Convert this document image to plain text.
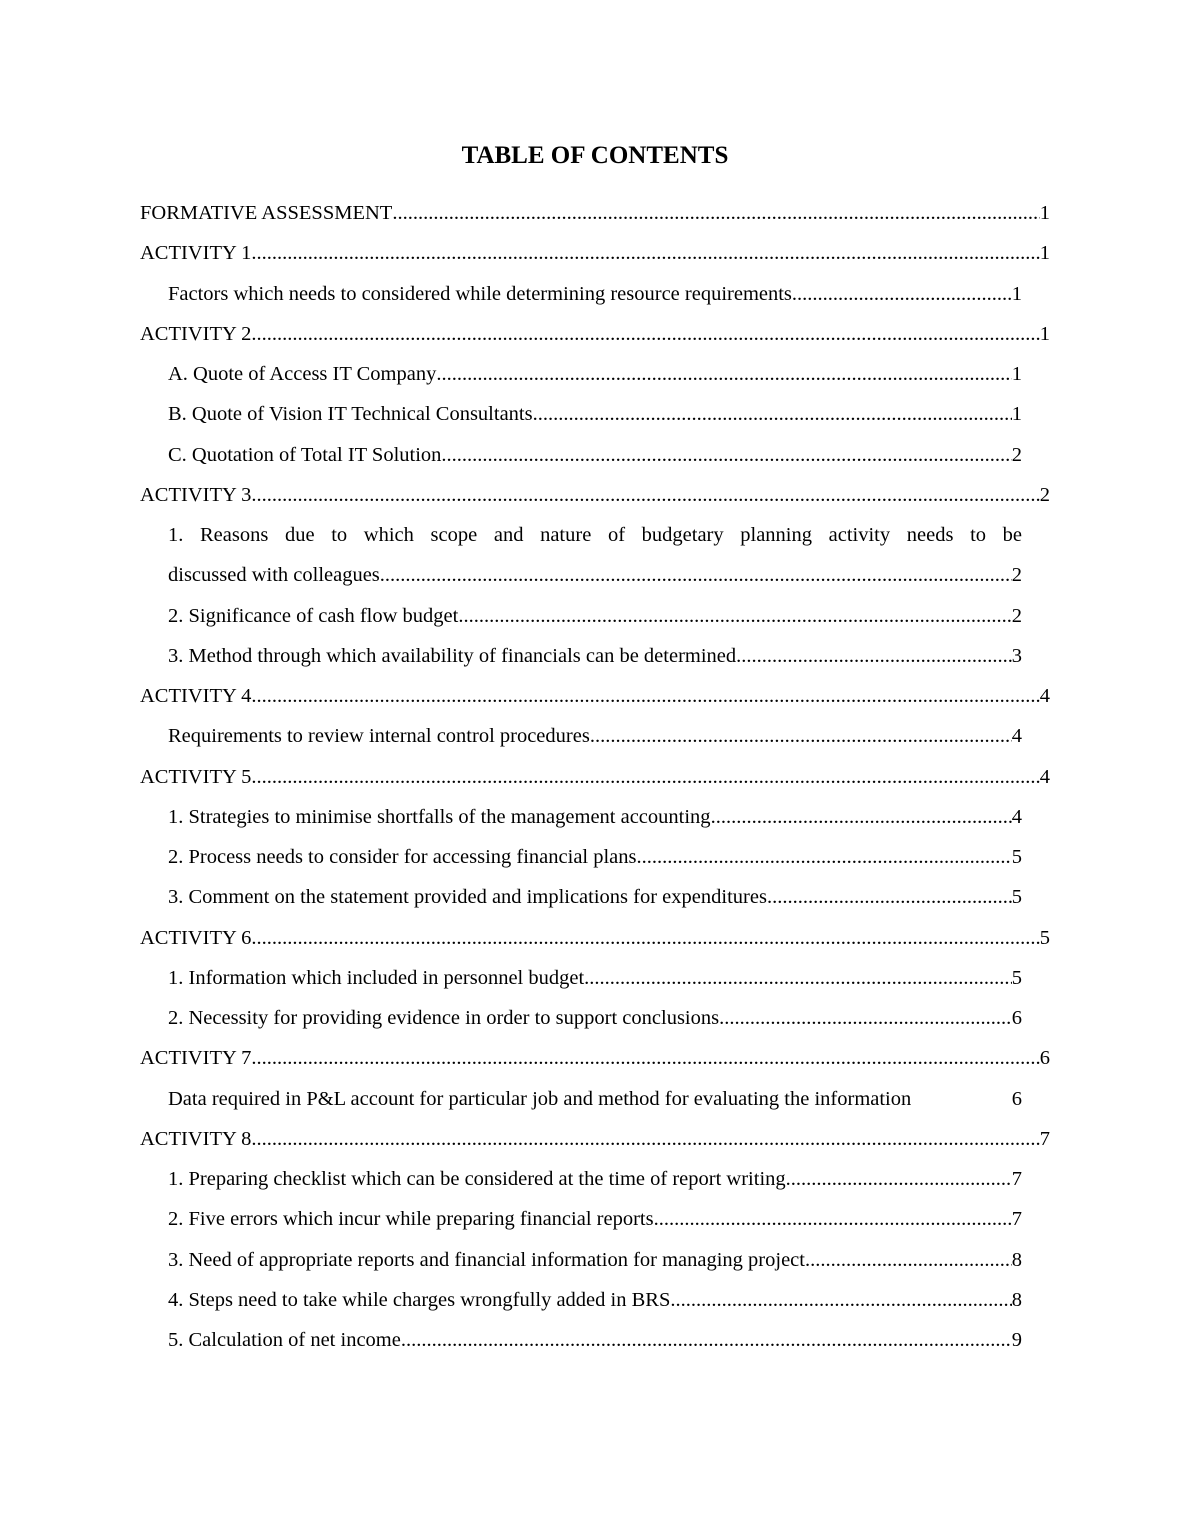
TABLE OF CONTENTS
FORMATIVE ASSESSMENT .....	1
ACTIVITY 1 .....	1
Factors which needs to considered while determining resource requirements .....	1
ACTIVITY 2 .....	1
A. Quote of Access IT Company .....	1
B. Quote of Vision IT Technical Consultants .....	1
C. Quotation of Total IT Solution .....	2
ACTIVITY 3 .....	2
1. Reasons due to which scope and nature of budgetary planning activity needs to be
discussed with colleagues .....	2
2. Significance of cash flow budget .....	2
3. Method through which availability of financials can be determined .....	3
ACTIVITY 4 .....	4
Requirements to review internal control procedures .....	4
ACTIVITY 5 .....	4
1. Strategies to minimise shortfalls of the management accounting .....	4
2. Process needs to consider for accessing financial plans .....	5
3. Comment on the statement provided and implications for expenditures .....	5
ACTIVITY 6 .....	5
1. Information which included in personnel budget .....	5
2. Necessity for providing evidence in order to support conclusions .....	6
ACTIVITY 7 .....	6
Data required in P&L account for particular job and method for evaluating the information	6
ACTIVITY 8 .....	7
1. Preparing checklist which can be considered at the time of report writing .....	7
2. Five errors which incur while preparing financial reports .....	7
3. Need of appropriate reports and financial information for managing project .....	8
4. Steps need to take while charges wrongfully added in BRS .....	8
5. Calculation of net income .....	9
